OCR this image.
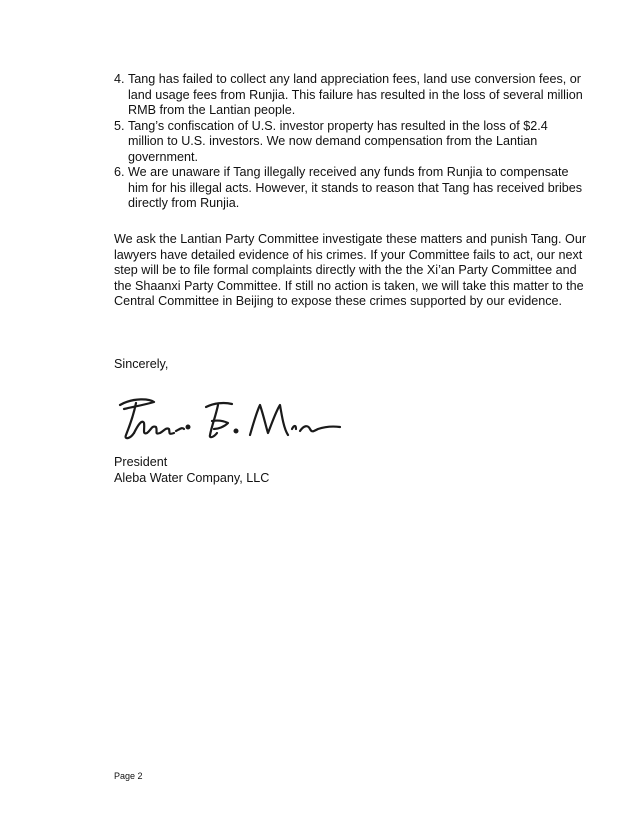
4. Tang has failed to collect any land appreciation fees, land use conversion fees, or land usage fees from Runjia. This failure has resulted in the loss of several million RMB from the Lantian people.
5. Tang’s confiscation of U.S. investor property has resulted in the loss of $2.4 million to U.S. investors. We now demand compensation from the Lantian government.
6. We are unaware if Tang illegally received any funds from Runjia to compensate him for his illegal acts. However, it stands to reason that Tang has received bribes directly from Runjia.

We ask the Lantian Party Committee investigate these matters and punish Tang. Our lawyers have detailed evidence of his crimes. If your Committee fails to act, our next step will be to file formal complaints directly with the the Xi’an Party Committee and the Shaanxi Party Committee. If still no action is taken, we will take this matter to the Central Committee in Beijing to expose these crimes supported by our evidence.

Sincerely,

President

Aleba Water Company, LLC

Page 2
